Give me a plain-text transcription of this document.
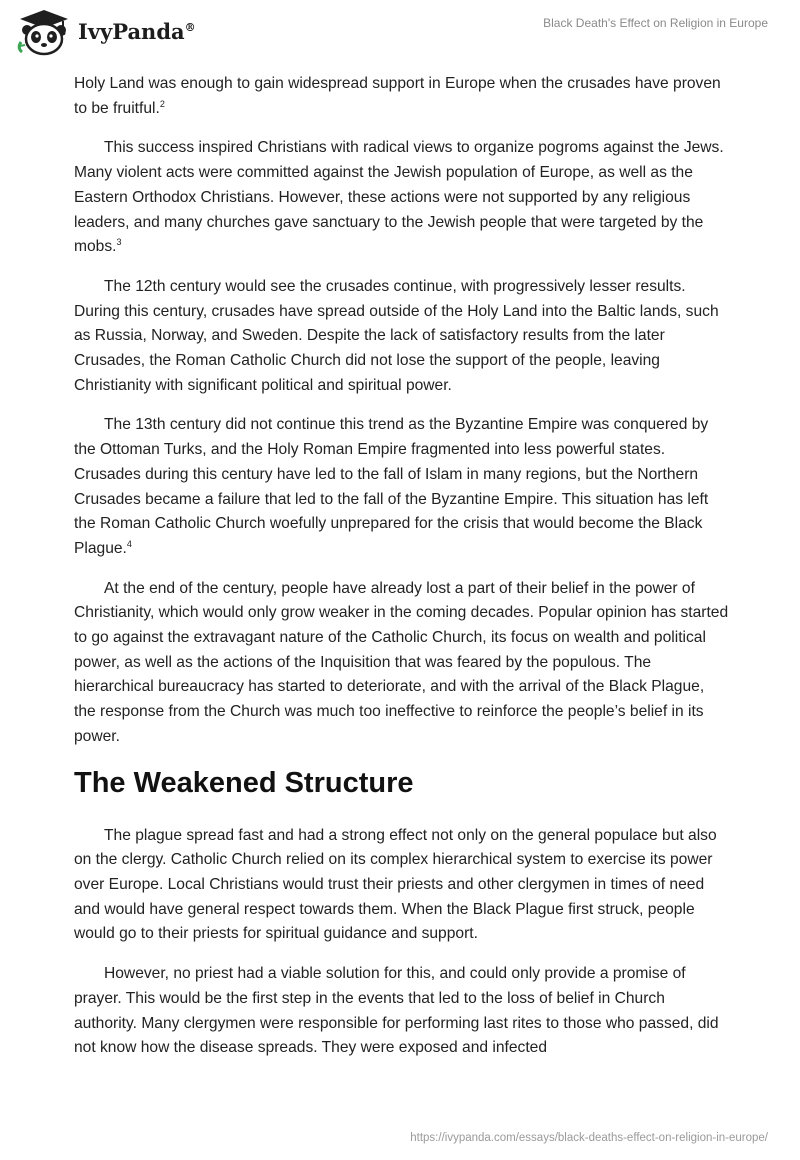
IvyPanda®	Black Death's Effect on Religion in Europe

Holy Land was enough to gain widespread support in Europe when the crusades have proven to be fruitful.$^2$

This success inspired Christians with radical views to organize pogroms against the Jews. Many violent acts were committed against the Jewish population of Europe, as well as the Eastern Orthodox Christians. However, these actions were not supported by any religious leaders, and many churches gave sanctuary to the Jewish people that were targeted by the mobs.$^3$

The 12th century would see the crusades continue, with progressively lesser results. During this century, crusades have spread outside of the Holy Land into the Baltic lands, such as Russia, Norway, and Sweden. Despite the lack of satisfactory results from the later Crusades, the Roman Catholic Church did not lose the support of the people, leaving Christianity with significant political and spiritual power.

The 13th century did not continue this trend as the Byzantine Empire was conquered by the Ottoman Turks, and the Holy Roman Empire fragmented into less powerful states. Crusades during this century have led to the fall of Islam in many regions, but the Northern Crusades became a failure that led to the fall of the Byzantine Empire. This situation has left the Roman Catholic Church woefully unprepared for the crisis that would become the Black Plague.$^4$

At the end of the century, people have already lost a part of their belief in the power of Christianity, which would only grow weaker in the coming decades. Popular opinion has started to go against the extravagant nature of the Catholic Church, its focus on wealth and political power, as well as the actions of the Inquisition that was feared by the populous. The hierarchical bureaucracy has started to deteriorate, and with the arrival of the Black Plague, the response from the Church was much too ineffective to reinforce the people’s belief in its power.

The Weakened Structure

The plague spread fast and had a strong effect not only on the general populace but also on the clergy. Catholic Church relied on its complex hierarchical system to exercise its power over Europe. Local Christians would trust their priests and other clergymen in times of need and would have general respect towards them. When the Black Plague first struck, people would go to their priests for spiritual guidance and support.

However, no priest had a viable solution for this, and could only provide a promise of prayer. This would be the first step in the events that led to the loss of belief in Church authority. Many clergymen were responsible for performing last rites to those who passed, did not know how the disease spreads. They were exposed and infected

https://ivypanda.com/essays/black-deaths-effect-on-religion-in-europe/
